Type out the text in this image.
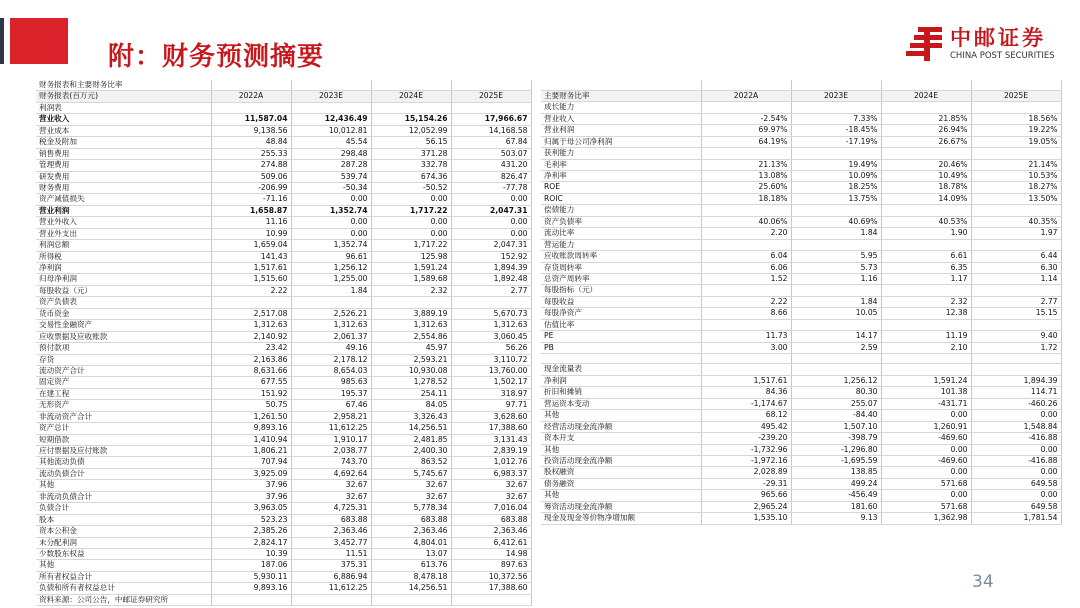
附：财务预测摘要
中邮证券
CHINA POST SECURITIES
财务报表和主要财务比率				
财务报表(百万元)	2022A	2023E	2024E	2025E
利润表				
营业收入	11,587.04	12,436.49	15,154.26	17,966.67
营业成本	9,138.56	10,012.81	12,052.99	14,168.58
税金及附加	48.84	45.54	56.15	67.84
销售费用	255.33	298.48	371.28	503.07
管理费用	274.88	287.28	332.78	431.20
研发费用	509.06	539.74	674.36	826.47
财务费用	-206.99	-50.34	-50.52	-77.78
资产减值损失	-71.16	0.00	0.00	0.00
营业利润	1,658.87	1,352.74	1,717.22	2,047.31
营业外收入	11.16	0.00	0.00	0.00
营业外支出	10.99	0.00	0.00	0.00
利润总额	1,659.04	1,352.74	1,717.22	2,047.31
所得税	141.43	96.61	125.98	152.92
净利润	1,517.61	1,256.12	1,591.24	1,894.39
归母净利润	1,515.60	1,255.00	1,589.68	1,892.48
每股收益（元）	2.22	1.84	2.32	2.77
资产负债表				
货币资金	2,517.08	2,526.21	3,889.19	5,670.73
交易性金融资产	1,312.63	1,312.63	1,312.63	1,312.63
应收票据及应收账款	2,140.92	2,061.37	2,554.86	3,060.45
预付款项	23.42	49.16	45.97	56.26
存货	2,163.86	2,178.12	2,593.21	3,110.72
流动资产合计	8,631.66	8,654.03	10,930.08	13,760.00
固定资产	677.55	985.63	1,278.52	1,502.17
在建工程	151.92	195.37	254.11	318.97
无形资产	50.75	67.46	84.05	97.71
非流动资产合计	1,261.50	2,958.21	3,326.43	3,628.60
资产总计	9,893.16	11,612.25	14,256.51	17,388.60
短期借款	1,410.94	1,910.17	2,481.85	3,131.43
应付票据及应付账款	1,806.21	2,038.77	2,400.30	2,839.19
其他流动负债	707.94	743.70	863.52	1,012.76
流动负债合计	3,925.09	4,692.64	5,745.67	6,983.37
其他	37.96	32.67	32.67	32.67
非流动负债合计	37.96	32.67	32.67	32.67
负债合计	3,963.05	4,725.31	5,778.34	7,016.04
股本	523.23	683.88	683.88	683.88
资本公积金	2,385.26	2,363.46	2,363.46	2,363.46
未分配利润	2,824.17	3,452.77	4,804.01	6,412.61
少数股东权益	10.39	11.51	13.07	14.98
其他	187.06	375.31	613.76	897.63
所有者权益合计	5,930.11	6,886.94	8,478.18	10,372.56
负债和所有者权益总计	9,893.16	11,612.25	14,256.51	17,388.60
资料来源：公司公告，中邮证券研究所				

主要财务比率	2022A	2023E	2024E	2025E
成长能力				
营业收入	-2.54%	7.33%	21.85%	18.56%
营业利润	69.97%	-18.45%	26.94%	19.22%
归属于母公司净利润	64.19%	-17.19%	26.67%	19.05%
获利能力				
毛利率	21.13%	19.49%	20.46%	21.14%
净利率	13.08%	10.09%	10.49%	10.53%
ROE	25.60%	18.25%	18.78%	18.27%
ROIC	18.18%	13.75%	14.09%	13.50%
偿债能力				
资产负债率	40.06%	40.69%	40.53%	40.35%
流动比率	2.20	1.84	1.90	1.97
营运能力				
应收账款周转率	6.04	5.95	6.61	6.44
存货周转率	6.06	5.73	6.35	6.30
总资产周转率	1.52	1.16	1.17	1.14
每股指标（元）				
每股收益	2.22	1.84	2.32	2.77
每股净资产	8.66	10.05	12.38	15.15
估值比率				
PE	11.73	14.17	11.19	9.40
PB	3.00	2.59	2.10	1.72

现金流量表				
净利润	1,517.61	1,256.12	1,591.24	1,894.39
折旧和摊销	84.36	80.30	101.38	114.71
营运资本变动	-1,174.67	255.07	-431.71	-460.26
其他	68.12	-84.40	0.00	0.00
经营活动现金流净额	495.42	1,507.10	1,260.91	1,548.84
资本开支	-239.20	-398.79	-469.60	-416.88
其他	-1,732.96	-1,296.80	0.00	0.00
投资活动现金流净额	-1,972.16	-1,695.59	-469.60	-416.88
股权融资	2,028.89	138.85	0.00	0.00
债务融资	-29.31	499.24	571.68	649.58
其他	965.66	-456.49	0.00	0.00
筹资活动现金流净额	2,965.24	181.60	571.68	649.58
现金及现金等价物净增加额	1,535.10	9.13	1,362.98	1,781.54
34
